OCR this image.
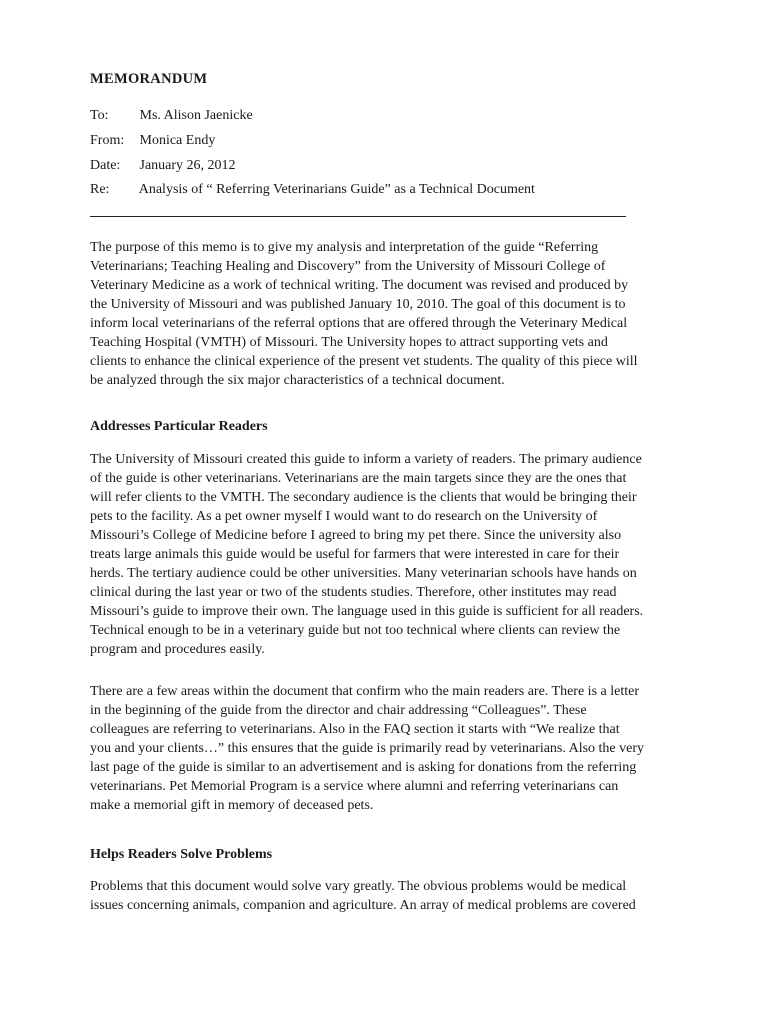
MEMORANDUM
To: Ms. Alison Jaenicke
From: Monica Endy
Date: January 26, 2012
Re: Analysis of “ Referring Veterinarians Guide” as a Technical Document

The purpose of this memo is to give my analysis and interpretation of the guide “Referring
Veterinarians; Teaching Healing and Discovery” from the University of Missouri College of
Veterinary Medicine as a work of technical writing. The document was revised and produced by
the University of Missouri and was published January 10, 2010. The goal of this document is to
inform local veterinarians of the referral options that are offered through the Veterinary Medical
Teaching Hospital (VMTH) of Missouri. The University hopes to attract supporting vets and
clients to enhance the clinical experience of the present vet students. The quality of this piece will
be analyzed through the six major characteristics of a technical document.

Addresses Particular Readers

The University of Missouri created this guide to inform a variety of readers. The primary audience
of the guide is other veterinarians. Veterinarians are the main targets since they are the ones that
will refer clients to the VMTH. The secondary audience is the clients that would be bringing their
pets to the facility. As a pet owner myself I would want to do research on the University of
Missouri’s College of Medicine before I agreed to bring my pet there. Since the university also
treats large animals this guide would be useful for farmers that were interested in care for their
herds. The tertiary audience could be other universities. Many veterinarian schools have hands on
clinical during the last year or two of the students studies. Therefore, other institutes may read
Missouri’s guide to improve their own. The language used in this guide is sufficient for all readers.
Technical enough to be in a veterinary guide but not too technical where clients can review the
program and procedures easily.

There are a few areas within the document that confirm who the main readers are. There is a letter
in the beginning of the guide from the director and chair addressing “Colleagues”. These
colleagues are referring to veterinarians. Also in the FAQ section it starts with “We realize that
you and your clients…” this ensures that the guide is primarily read by veterinarians. Also the very
last page of the guide is similar to an advertisement and is asking for donations from the referring
veterinarians. Pet Memorial Program is a service where alumni and referring veterinarians can
make a memorial gift in memory of deceased pets.

Helps Readers Solve Problems

Problems that this document would solve vary greatly. The obvious problems would be medical
issues concerning animals, companion and agriculture. An array of medical problems are covered
